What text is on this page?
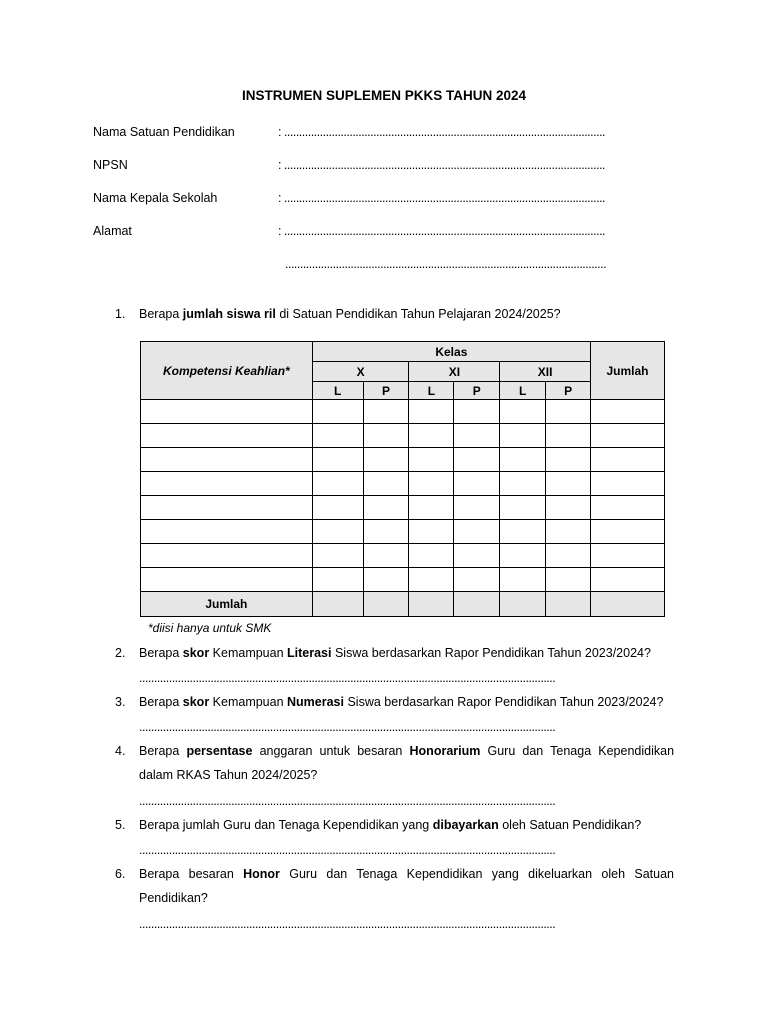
INSTRUMEN SUPLEMEN PKKS TAHUN 2024
Nama Satuan Pendidikan	: ............................................................................................................
NPSN	: ............................................................................................................
Nama Kepala Sekolah	: ............................................................................................................
Alamat	: ............................................................................................................
............................................................................................................
1. Berapa jumlah siswa ril di Satuan Pendidikan Tahun Pelajaran 2024/2025?
Kompetensi Keahlian*	Kelas						Jumlah
	X		XI		XII		
	L	P	L	P	L	P	

Jumlah							
*diisi hanya untuk SMK
2. Berapa skor Kemampuan Literasi Siswa berdasarkan Rapor Pendidikan Tahun 2023/2024?
............................................................................................................................................
3. Berapa skor Kemampuan Numerasi Siswa berdasarkan Rapor Pendidikan Tahun 2023/2024?
............................................................................................................................................
4. Berapa persentase anggaran untuk besaran Honorarium Guru dan Tenaga Kependidikan dalam RKAS Tahun 2024/2025?
............................................................................................................................................
5. Berapa jumlah Guru dan Tenaga Kependidikan yang dibayarkan oleh Satuan Pendidikan?
............................................................................................................................................
6. Berapa besaran Honor Guru dan Tenaga Kependidikan yang dikeluarkan oleh Satuan Pendidikan?
............................................................................................................................................
